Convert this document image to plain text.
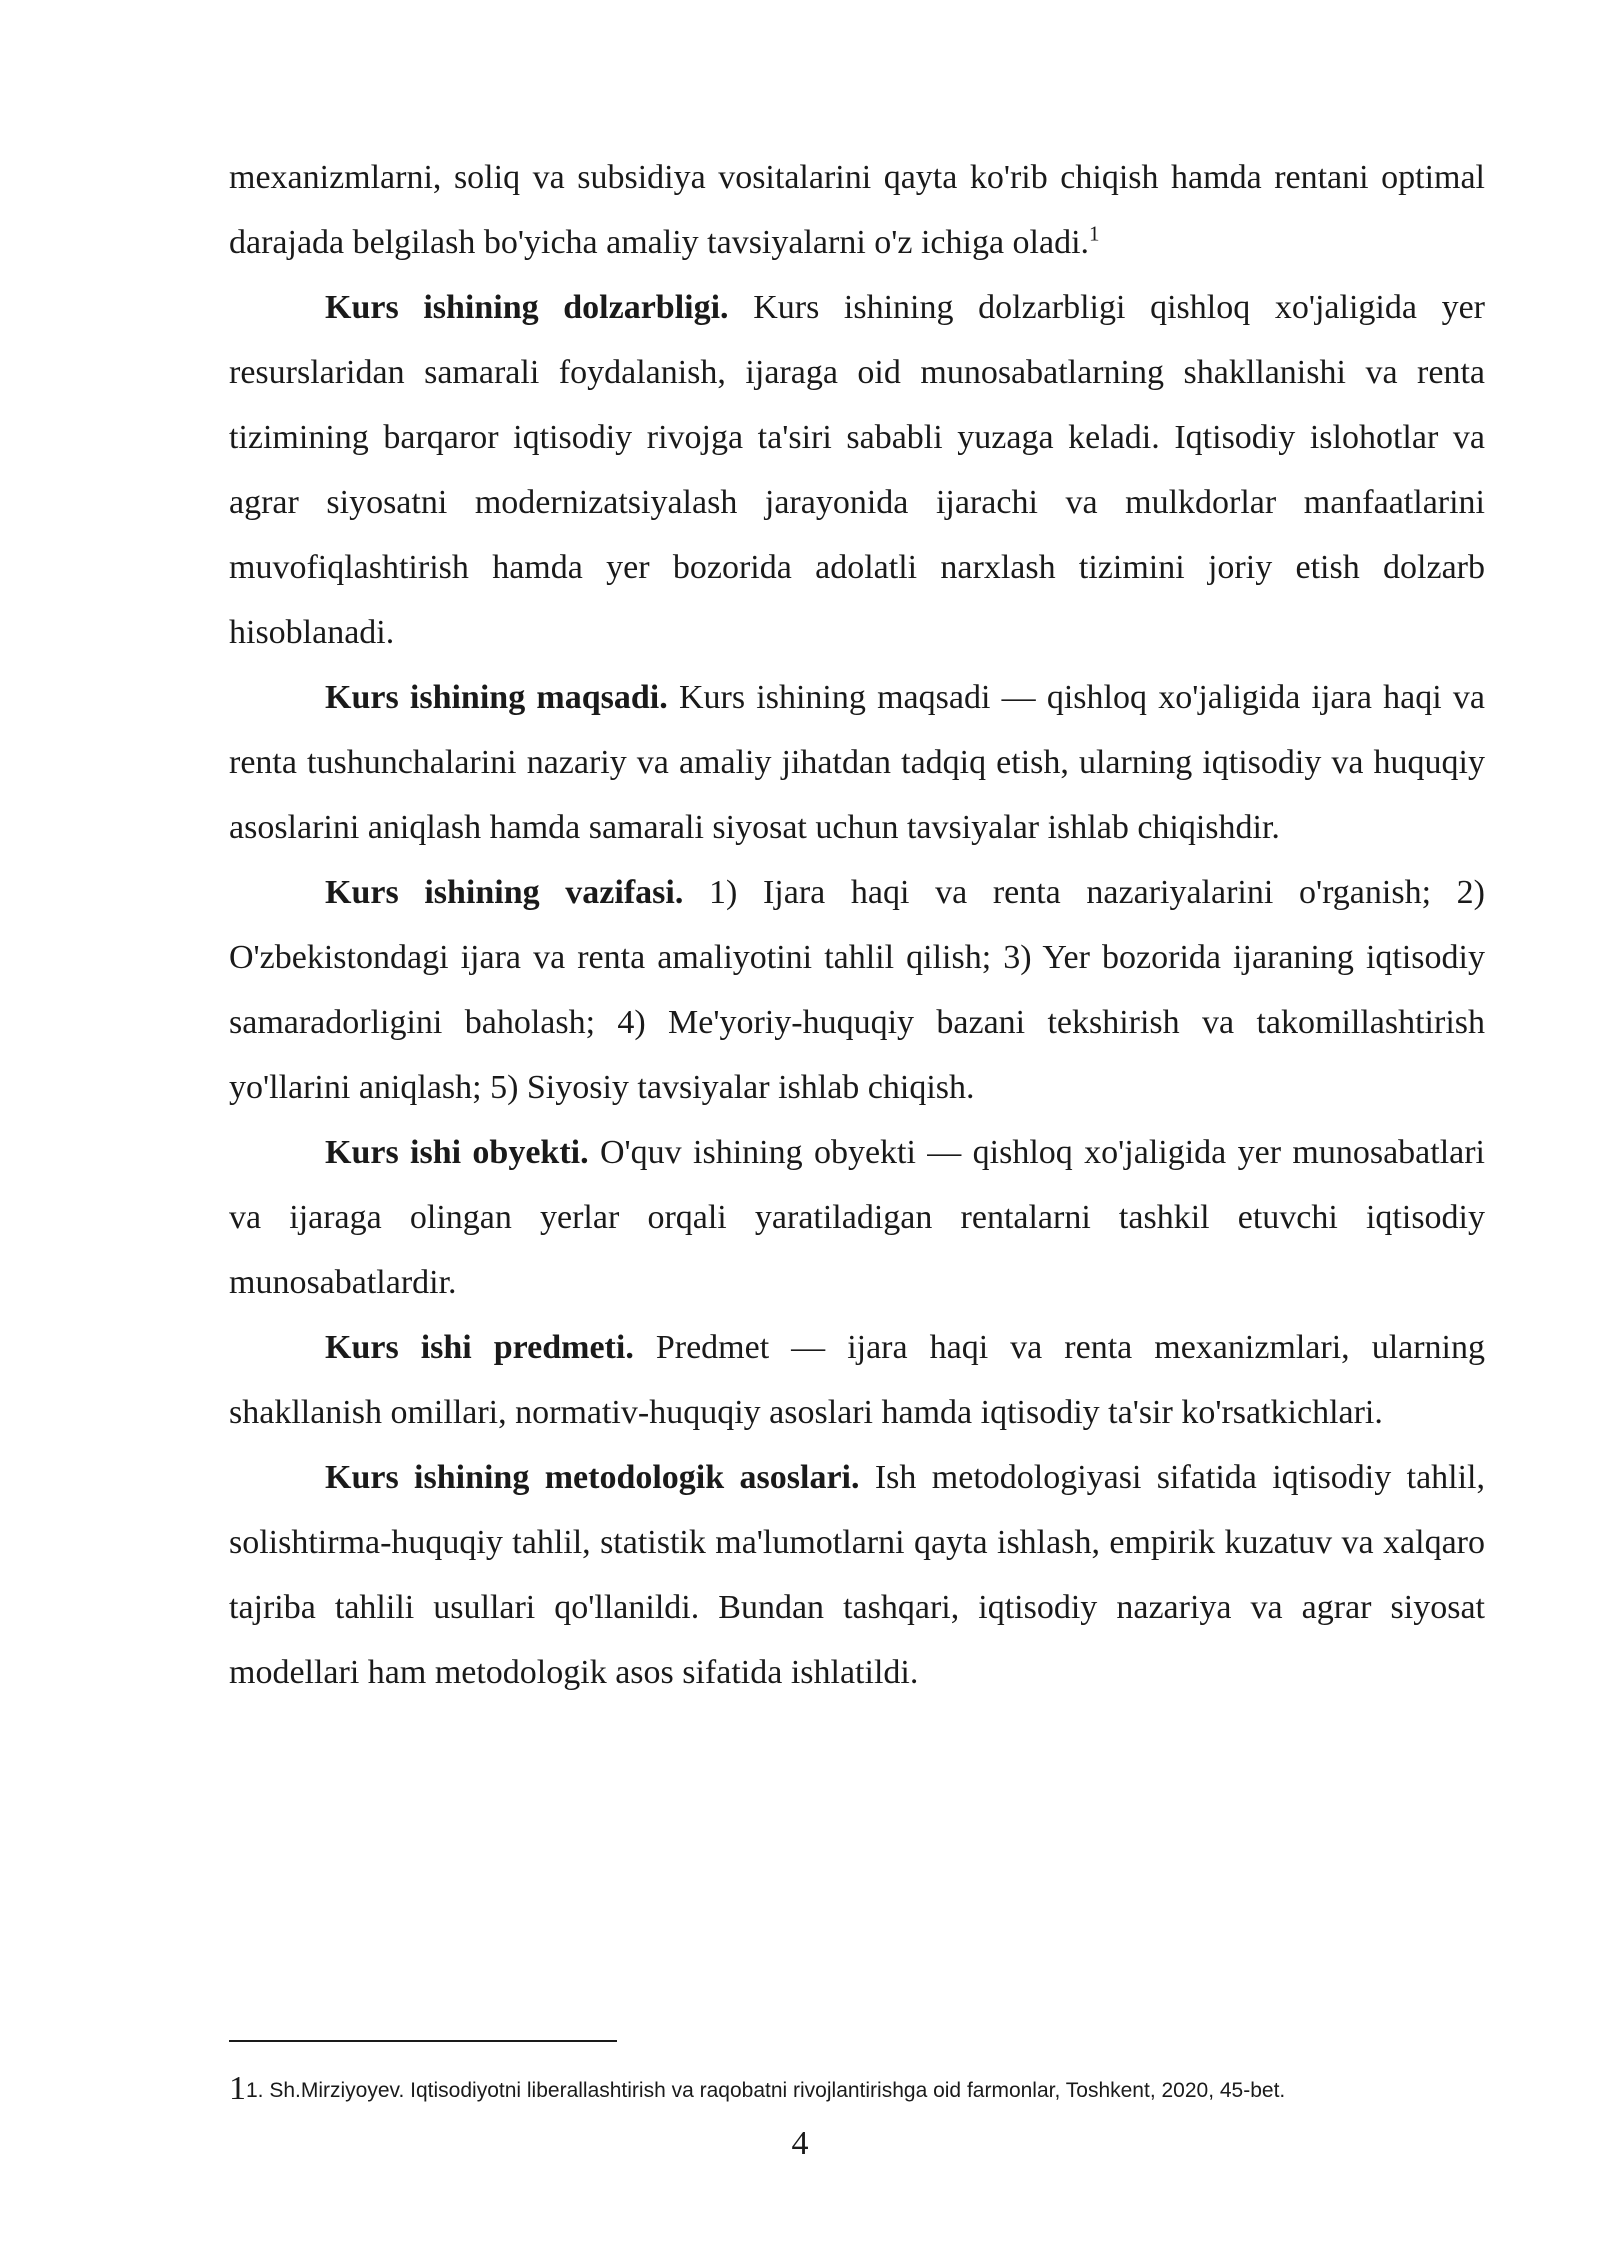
mexanizmlarni, soliq va subsidiya vositalarini qayta ko'rib chiqish hamda rentani optimal darajada belgilash bo'yicha amaliy tavsiyalarni o'z ichiga oladi.$^1$

Kurs ishining dolzarbligi. Kurs ishining dolzarbligi qishloq xo'jaligida yer resurslaridan samarali foydalanish, ijaraga oid munosabatlarning shakllanishi va renta tizimining barqaror iqtisodiy rivojga ta'siri sababli yuzaga keladi. Iqtisodiy islohotlar va agrar siyosatni modernizatsiyalash jarayonida ijarachi va mulkdorlar manfaatlarini muvofiqlashtirish hamda yer bozorida adolatli narxlash tizimini joriy etish dolzarb hisoblanadi.

Kurs ishining maqsadi. Kurs ishining maqsadi — qishloq xo'jaligida ijara haqi va renta tushunchalarini nazariy va amaliy jihatdan tadqiq etish, ularning iqtisodiy va huquqiy asoslarini aniqlash hamda samarali siyosat uchun tavsiyalar ishlab chiqishdir.

Kurs ishining vazifasi. 1) Ijara haqi va renta nazariyalarini o'rganish; 2) O'zbekistondagi ijara va renta amaliyotini tahlil qilish; 3) Yer bozorida ijaraning iqtisodiy samaradorligini baholash; 4) Me'yoriy-huquqiy bazani tekshirish va takomillashtirish yo'llarini aniqlash; 5) Siyosiy tavsiyalar ishlab chiqish.

Kurs ishi obyekti. O'quv ishining obyekti — qishloq xo'jaligida yer munosabatlari va ijaraga olingan yerlar orqali yaratiladigan rentalarni tashkil etuvchi iqtisodiy munosabatlardir.

Kurs ishi predmeti. Predmet — ijara haqi va renta mexanizmlari, ularning shakllanish omillari, normativ-huquqiy asoslari hamda iqtisodiy ta'sir ko'rsatkichlari.

Kurs ishining metodologik asoslari. Ish metodologiyasi sifatida iqtisodiy tahlil, solishtirma-huquqiy tahlil, statistik ma'lumotlarni qayta ishlash, empirik kuzatuv va xalqaro tajriba tahlili usullari qo'llanildi. Bundan tashqari, iqtisodiy nazariya va agrar siyosat modellari ham metodologik asos sifatida ishlatildi.

11. Sh.Mirziyoyev. Iqtisodiyotni liberallashtirish va raqobatni rivojlantirishga oid farmonlar, Toshkent, 2020, 45-bet.
4
